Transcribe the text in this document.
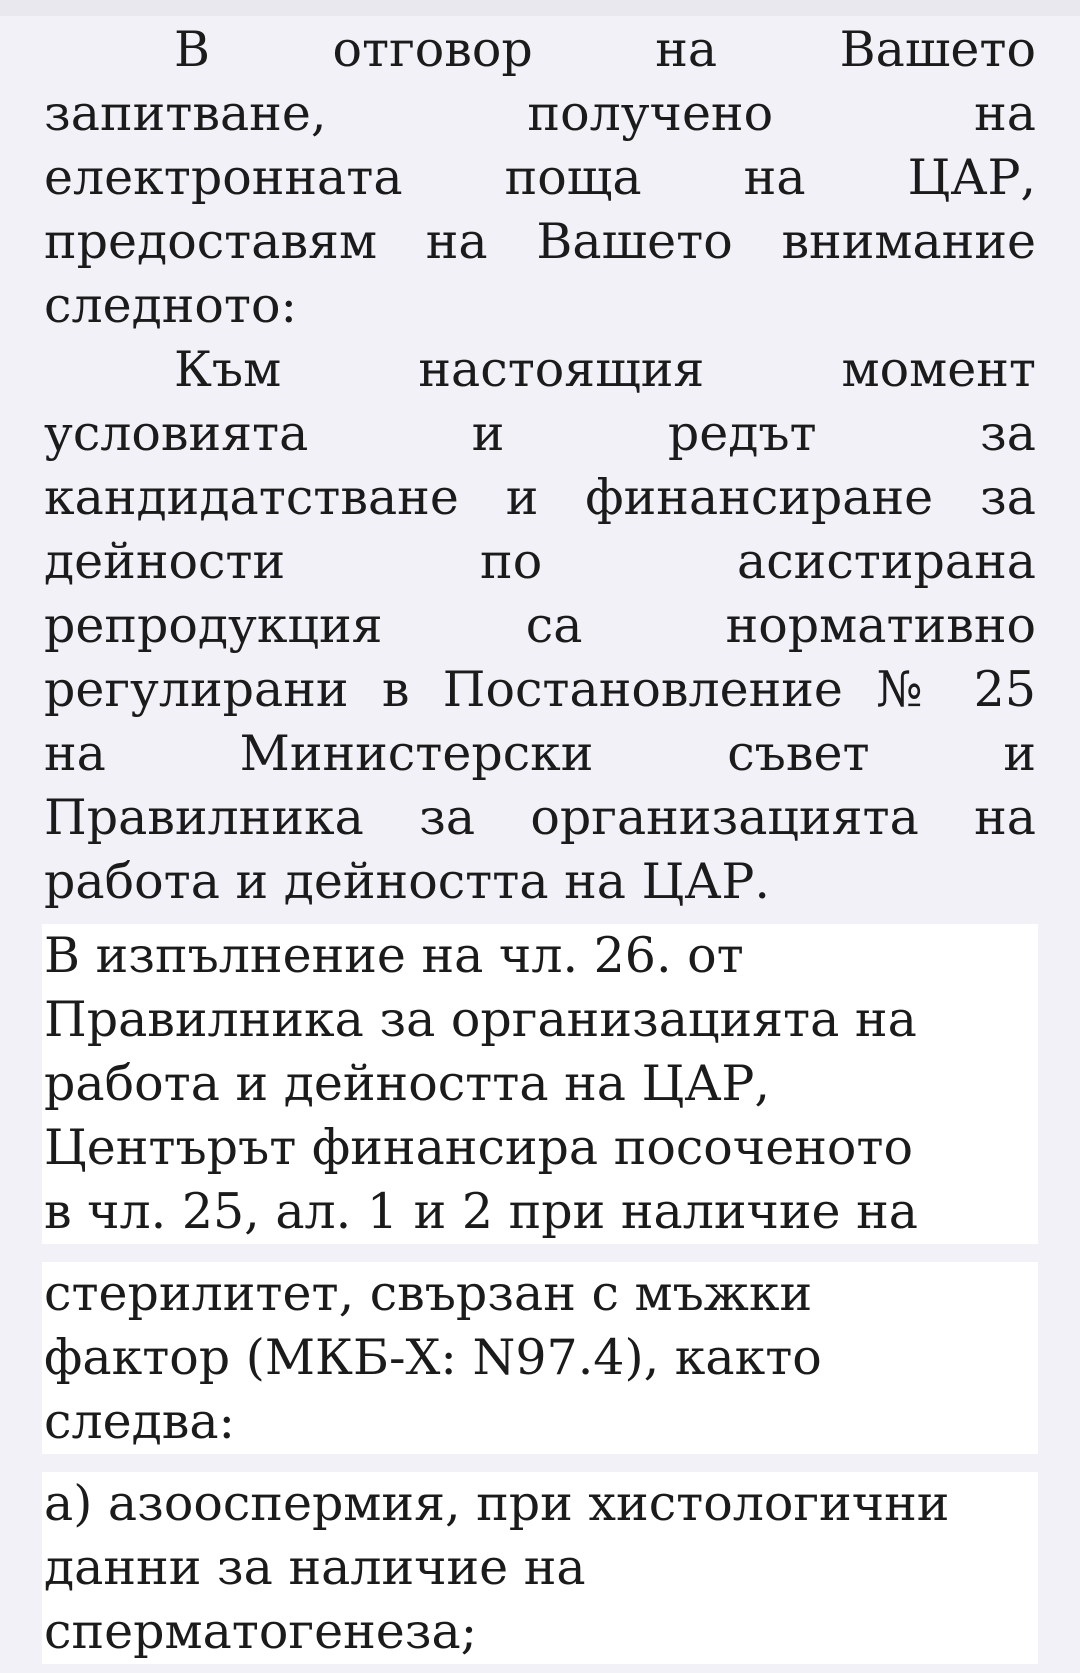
В отговор на Вашето
запитване, получено на
електронната поща на ЦАР,
предоставям на Вашето внимание
следното:
Към настоящия момент
условията и редът за
кандидатстване и финансиране за
дейности по асистирана
репродукция са нормативно
регулирани в Постановление № 25
на Министерски съвет и
Правилника за организацията на
работа и дейността на ЦАР.
В изпълнение на чл. 26. от
Правилника за организацията на
работа и дейността на ЦАР,
Центърът финансира посоченото
в чл. 25, ал. 1 и 2 при наличие на
стерилитет, свързан с мъжки
фактор (МКБ-X: N97.4), както
следва:
а) азооспермия, при хистологични
данни за наличие на
сперматогенеза;
